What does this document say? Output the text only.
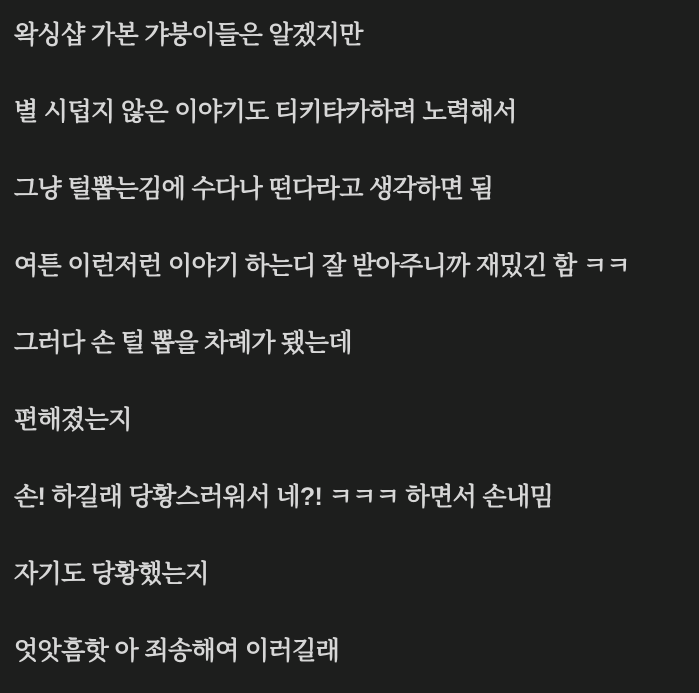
왁싱샵 가본 갸붕이들은 알겠지만

별 시덥지 않은 이야기도 티키타카하려 노력해서

그냥 털뽑는김에 수다나 떤다라고 생각하면 됨

여튼 이런저런 이야기 하는디 잘 받아주니까 재밌긴 함 ㅋㅋ

그러다 손 털 뽑을 차례가 됐는데

편해졌는지

손! 하길래 당황스러워서 네?! ㅋㅋㅋ 하면서 손내밈

자기도 당황했는지

엇앗흠핫 아 죄송해여 이러길래
